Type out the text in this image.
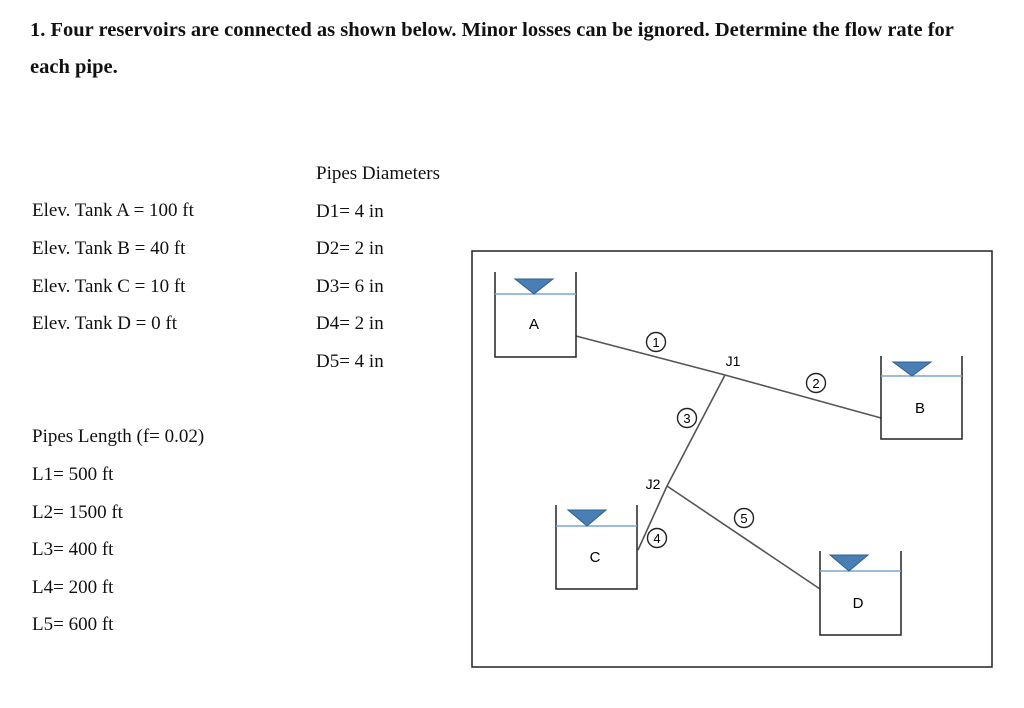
1. Four reservoirs are connected as shown below. Minor losses can be ignored. Determine the flow rate for each pipe.

Elev. Tank A = 100 ft
Elev. Tank B = 40 ft
Elev. Tank C = 10 ft
Elev. Tank D = 0 ft
Pipes Diameters
D1= 4 in
D2= 2 in
D3= 6 in
D4= 2 in
D5= 4 in
Pipes Length (f= 0.02)
L1= 500 ft
L2= 1500 ft
L3= 400 ft
L4= 200 ft
L5= 600 ft
A
B
C
D
J1
J2
1
2
3
4
5
